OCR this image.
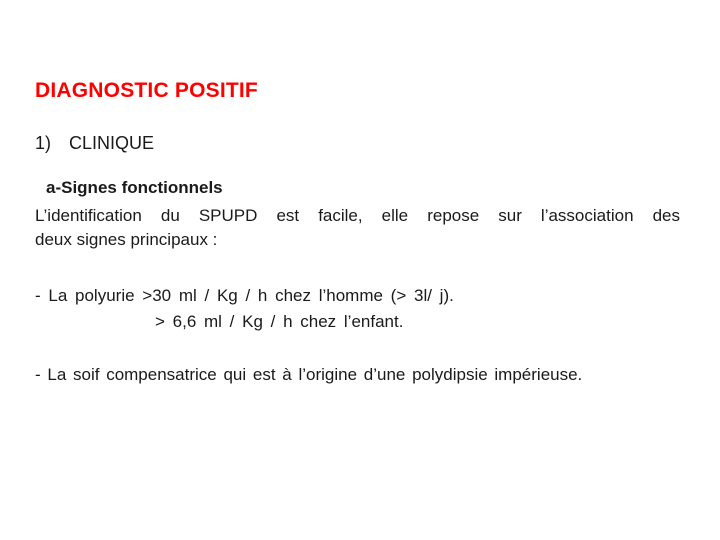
DIAGNOSTIC POSITIF
1) CLINIQUE
a-Signes fonctionnels
L’identification du SPUPD est facile, elle repose sur l’association des
deux signes principaux :
- La polyurie >30 ml / Kg / h chez l’homme (> 3l/ j).
> 6,6 ml / Kg / h chez l’enfant.
- La soif compensatrice qui est à l’origine d’une polydipsie impérieuse.
